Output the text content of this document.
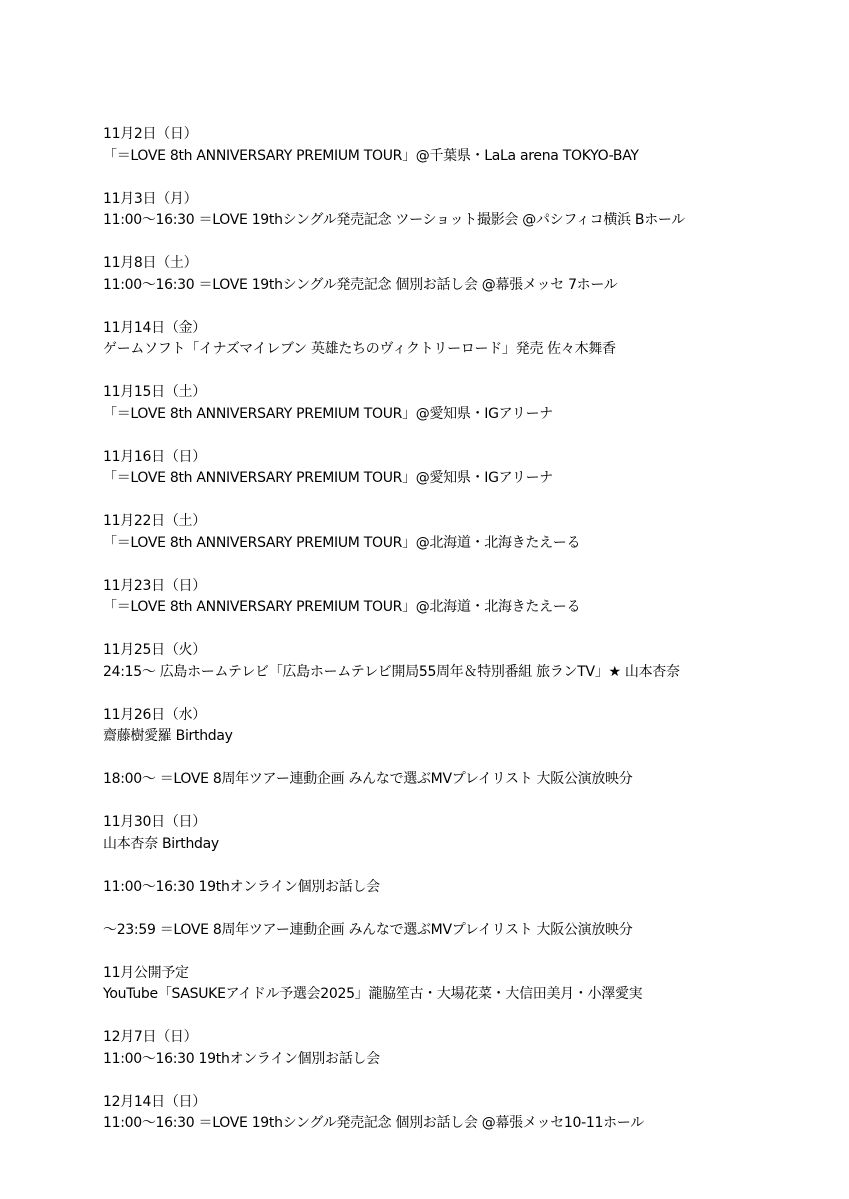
11月2日（日）
「＝LOVE 8th ANNIVERSARY PREMIUM TOUR」@千葉県・LaLa arena TOKYO-BAY
11月3日（月）
11:00〜16:30 ＝LOVE 19thシングル発売記念 ツーショット撮影会 @パシフィコ横浜 Bホール
11月8日（土）
11:00〜16:30 ＝LOVE 19thシングル発売記念 個別お話し会 @幕張メッセ 7ホール
11月14日（金）
ゲームソフト「イナズマイレブン 英雄たちのヴィクトリーロード」発売 佐々木舞香
11月15日（土）
「＝LOVE 8th ANNIVERSARY PREMIUM TOUR」@愛知県・IGアリーナ
11月16日（日）
「＝LOVE 8th ANNIVERSARY PREMIUM TOUR」@愛知県・IGアリーナ
11月22日（土）
「＝LOVE 8th ANNIVERSARY PREMIUM TOUR」@北海道・北海きたえーる
11月23日（日）
「＝LOVE 8th ANNIVERSARY PREMIUM TOUR」@北海道・北海きたえーる
11月25日（火）
24:15〜 広島ホームテレビ「広島ホームテレビ開局55周年＆特別番組 旅ランTV」★ 山本杏奈
11月26日（水）
齋藤樹愛羅 Birthday
18:00〜 ＝LOVE 8周年ツアー連動企画 みんなで選ぶMVプレイリスト 大阪公演放映分
11月30日（日）
山本杏奈 Birthday
11:00〜16:30 19thオンライン個別お話し会
〜23:59 ＝LOVE 8周年ツアー連動企画 みんなで選ぶMVプレイリスト 大阪公演放映分
11月公開予定
YouTube「SASUKEアイドル予選会2025」瀧脇笙古・大場花菜・大信田美月・小澤愛実
12月7日（日）
11:00〜16:30 19thオンライン個別お話し会
12月14日（日）
11:00〜16:30 ＝LOVE 19thシングル発売記念 個別お話し会 @幕張メッセ10-11ホール
